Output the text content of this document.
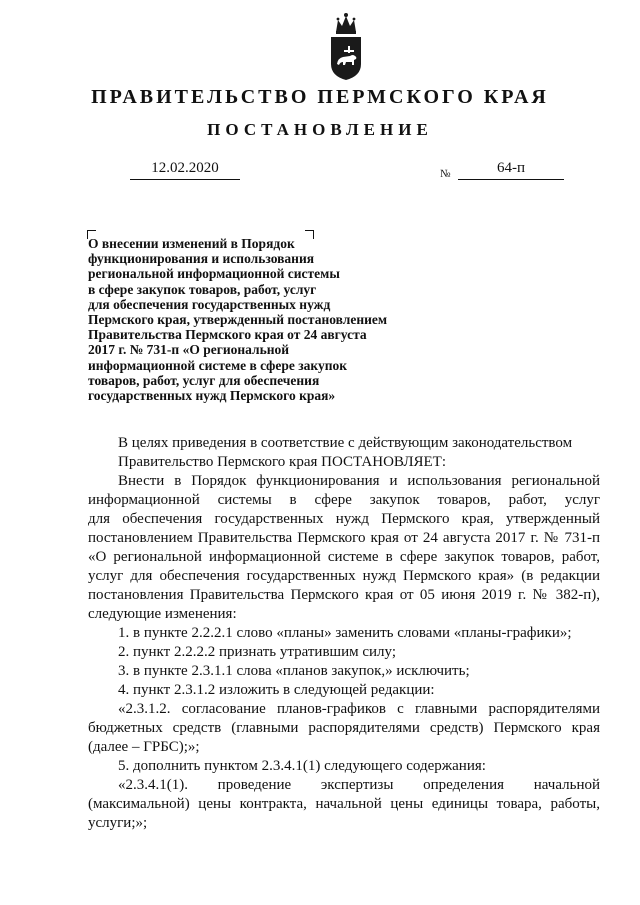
ПРАВИТЕЛЬСТВО ПЕРМСКОГО КРАЯ
ПОСТАНОВЛЕНИЕ
12.02.2020	№	64-п
О внесении изменений в Порядок
функционирования и использования
региональной информационной системы
в сфере закупок товаров, работ, услуг
для обеспечения государственных нужд
Пермского края, утвержденный постановлением
Правительства Пермского края от 24 августа
2017 г. № 731-п «О региональной
информационной системе в сфере закупок
товаров, работ, услуг для обеспечения
государственных нужд Пермского края»
В целях приведения в соответствие с действующим законодательством
Правительство Пермского края ПОСТАНОВЛЯЕТ:
Внести в Порядок функционирования и использования региональной
информационной системы в сфере закупок товаров, работ, услуг
для обеспечения государственных нужд Пермского края, утвержденный
постановлением Правительства Пермского края от 24 августа 2017 г. № 731-п
«О региональной информационной системе в сфере закупок товаров, работ,
услуг для обеспечения государственных нужд Пермского края» (в редакции
постановления Правительства Пермского края от 05 июня 2019 г. № 382-п),
следующие изменения:
1. в пункте 2.2.2.1 слово «планы» заменить словами «планы-графики»;
2. пункт 2.2.2.2 признать утратившим силу;
3. в пункте 2.3.1.1 слова «планов закупок,» исключить;
4. пункт 2.3.1.2 изложить в следующей редакции:
«2.3.1.2. согласование планов-графиков с главными распорядителями
бюджетных средств (главными распорядителями средств) Пермского края
(далее – ГРБС);»;
5. дополнить пунктом 2.3.4.1(1) следующего содержания:
«2.3.4.1(1). проведение экспертизы определения начальной
(максимальной) цены контракта, начальной цены единицы товара, работы,
услуги;»;
